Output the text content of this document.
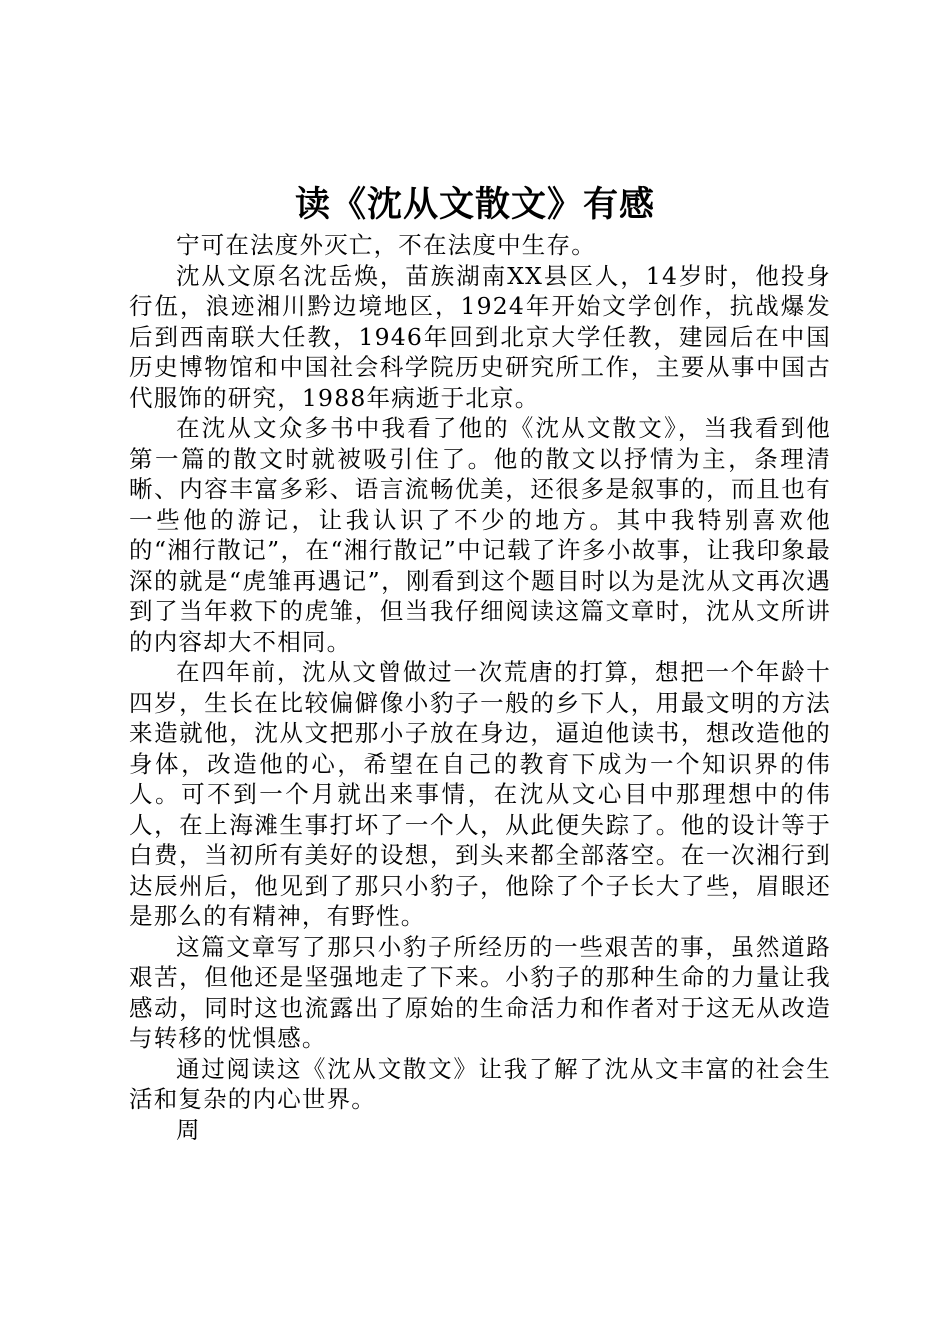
读《沈从文散文》有感

宁可在法度外灭亡，不在法度中生存。

沈从文原名沈岳焕，苗族湖南XX县区人，14岁时，他投身行伍，浪迹湘川黔边境地区，1924年开始文学创作，抗战爆发后到西南联大任教，1946年回到北京大学任教，建园后在中国历史博物馆和中国社会科学院历史研究所工作，主要从事中国古代服饰的研究，1988年病逝于北京。

在沈从文众多书中我看了他的《沈从文散文》，当我看到他第一篇的散文时就被吸引住了。他的散文以抒情为主，条理清晰、内容丰富多彩、语言流畅优美，还很多是叙事的，而且也有一些他的游记，让我认识了不少的地方。其中我特别喜欢他的“湘行散记”，在“湘行散记”中记载了许多小故事，让我印象最深的就是“虎雏再遇记”，刚看到这个题目时以为是沈从文再次遇到了当年救下的虎雏，但当我仔细阅读这篇文章时，沈从文所讲的内容却大不相同。

在四年前，沈从文曾做过一次荒唐的打算，想把一个年龄十四岁，生长在比较偏僻像小豹子一般的乡下人，用最文明的方法来造就他，沈从文把那小子放在身边，逼迫他读书，想改造他的身体，改造他的心，希望在自己的教育下成为一个知识界的伟人。可不到一个月就出来事情，在沈从文心目中那理想中的伟人，在上海滩生事打坏了一个人，从此便失踪了。他的设计等于白费，当初所有美好的设想，到头来都全部落空。在一次湘行到达辰州后，他见到了那只小豹子，他除了个子长大了些，眉眼还是那么的有精神，有野性。

这篇文章写了那只小豹子所经历的一些艰苦的事，虽然道路艰苦，但他还是坚强地走了下来。小豹子的那种生命的力量让我感动，同时这也流露出了原始的生命活力和作者对于这无从改造与转移的忧惧感。

通过阅读这《沈从文散文》让我了解了沈从文丰富的社会生活和复杂的内心世界。

周
